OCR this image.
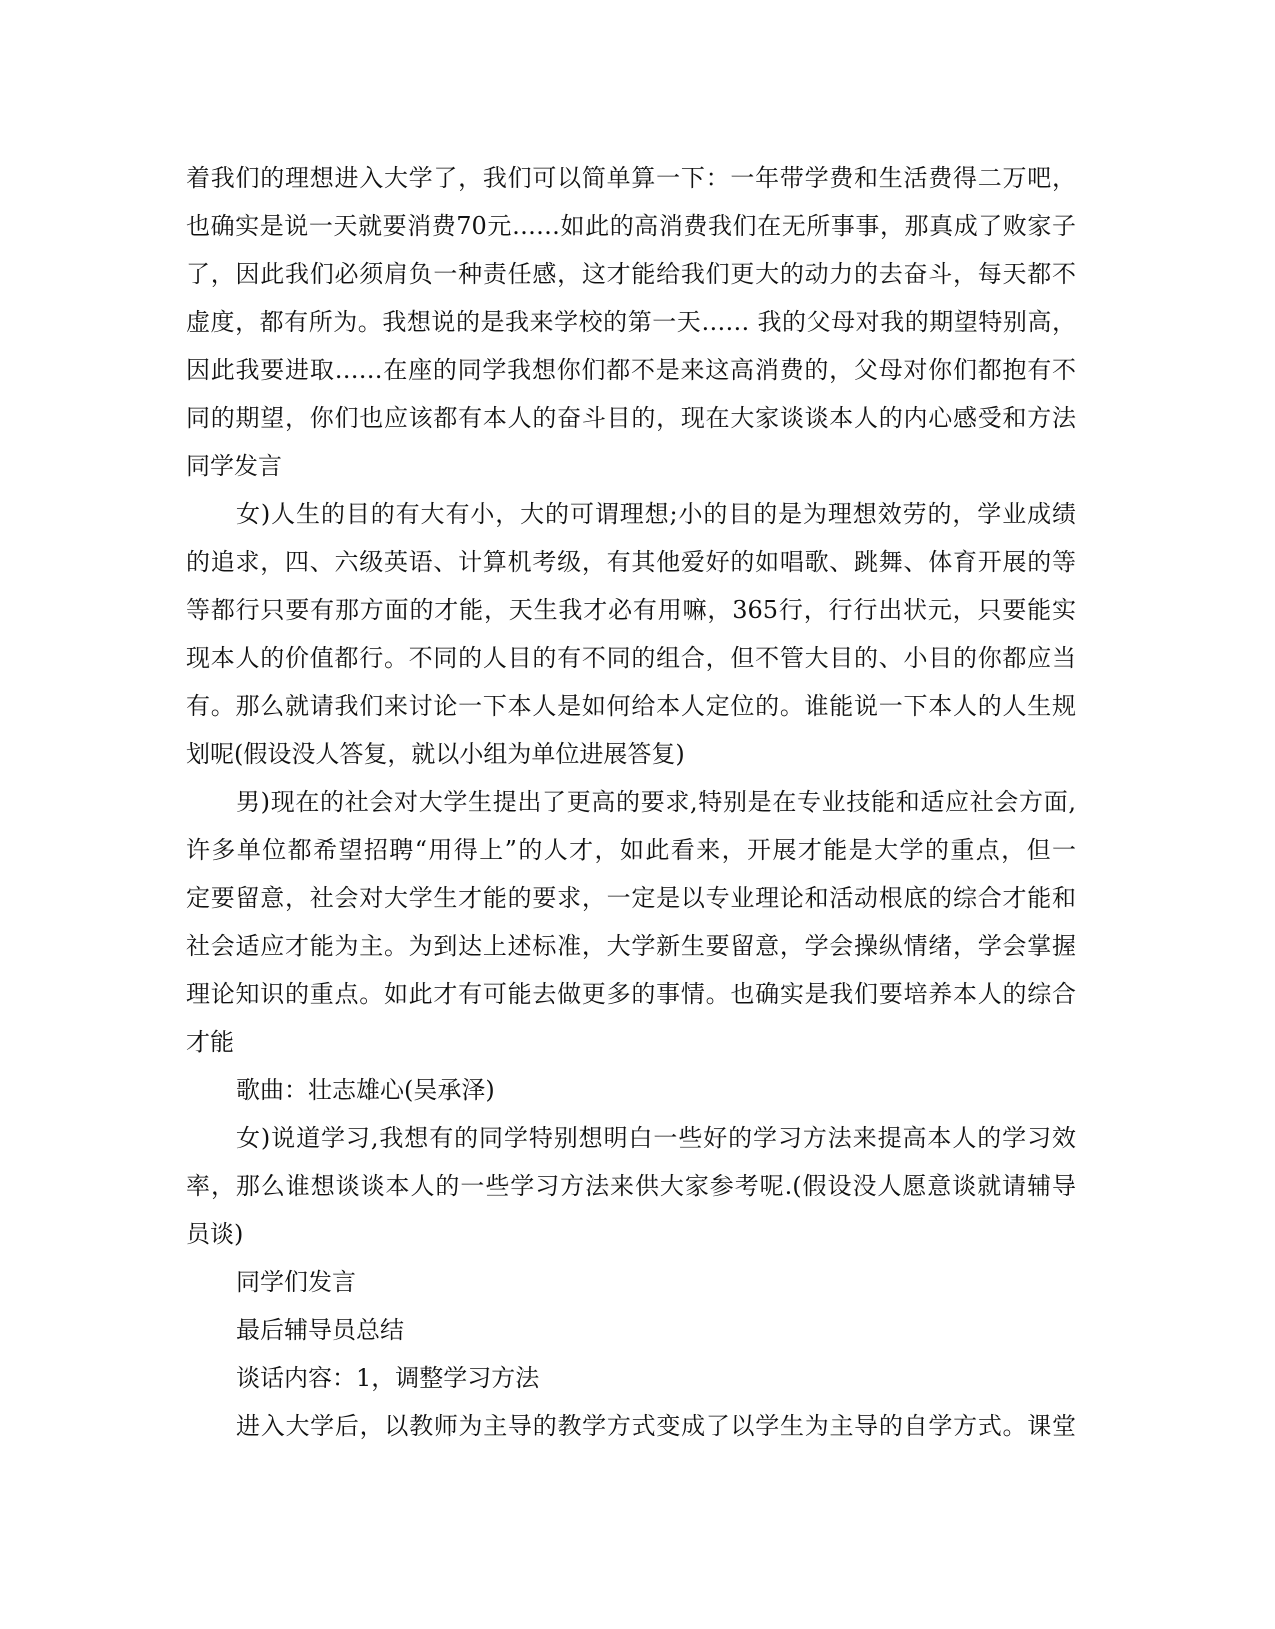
着我们的理想进入大学了，我们可以简单算一下：一年带学费和生活费得二万吧，
也确实是说一天就要消费70元……如此的高消费我们在无所事事，那真成了败家子
了，因此我们必须肩负一种责任感，这才能给我们更大的动力的去奋斗，每天都不
虚度，都有所为。我想说的是我来学校的第一天…… 我的父母对我的期望特别高，
因此我要进取……在座的同学我想你们都不是来这高消费的，父母对你们都抱有不
同的期望，你们也应该都有本人的奋斗目的，现在大家谈谈本人的内心感受和方法
同学发言
女)人生的目的有大有小，大的可谓理想;小的目的是为理想效劳的，学业成绩
的追求，四、六级英语、计算机考级，有其他爱好的如唱歌、跳舞、体育开展的等
等都行只要有那方面的才能，天生我才必有用嘛，365行，行行出状元，只要能实
现本人的价值都行。不同的人目的有不同的组合，但不管大目的、小目的你都应当
有。那么就请我们来讨论一下本人是如何给本人定位的。谁能说一下本人的人生规
划呢(假设没人答复，就以小组为单位进展答复)
男)现在的社会对大学生提出了更高的要求,特别是在专业技能和适应社会方面,
许多单位都希望招聘“用得上”的人才，如此看来，开展才能是大学的重点，但一
定要留意，社会对大学生才能的要求，一定是以专业理论和活动根底的综合才能和
社会适应才能为主。为到达上述标准，大学新生要留意，学会操纵情绪，学会掌握
理论知识的重点。如此才有可能去做更多的事情。也确实是我们要培养本人的综合
才能
歌曲：壮志雄心(吴承泽)
女)说道学习,我想有的同学特别想明白一些好的学习方法来提高本人的学习效
率，那么谁想谈谈本人的一些学习方法来供大家参考呢.(假设没人愿意谈就请辅导
员谈)
同学们发言
最后辅导员总结
谈话内容：1，调整学习方法
进入大学后，以教师为主导的教学方式变成了以学生为主导的自学方式。课堂
